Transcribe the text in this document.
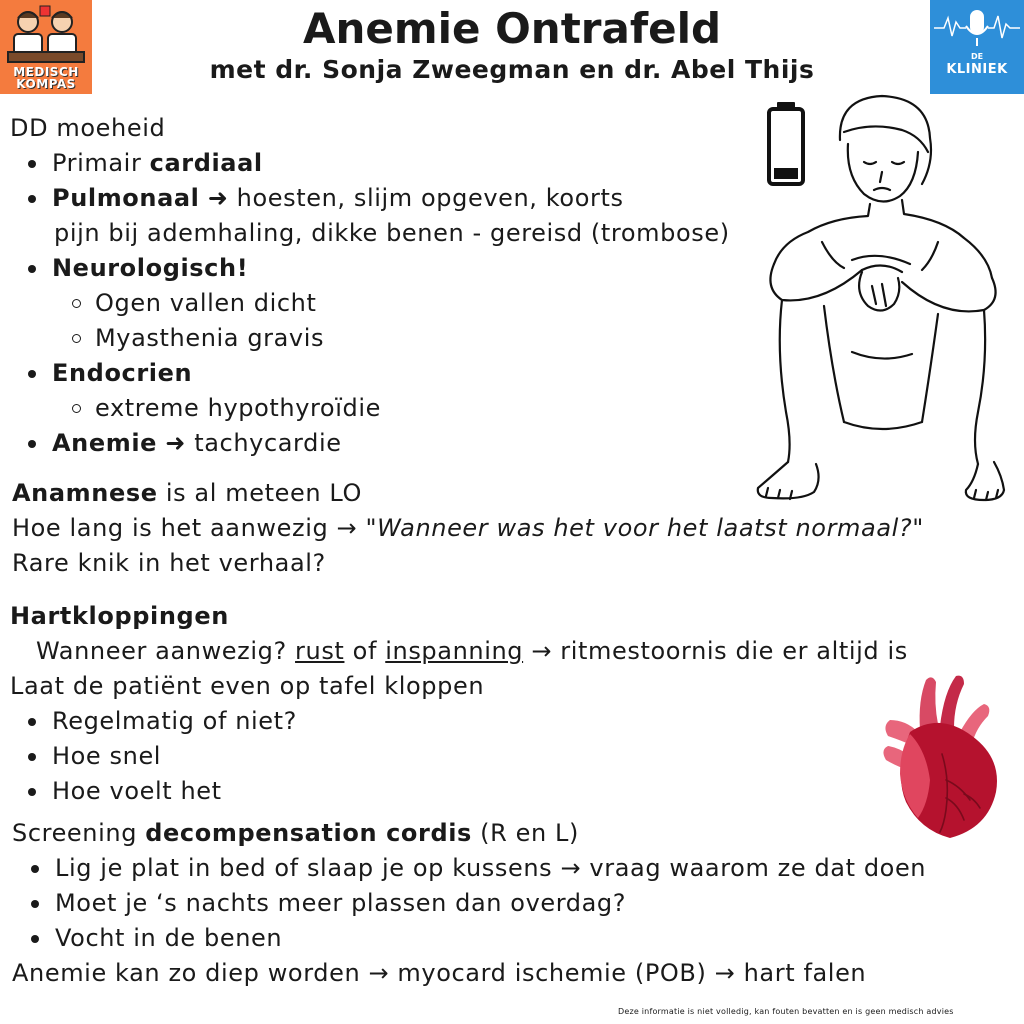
MEDISCH KOMPAS
Anemie Ontrafeld
met dr. Sonja Zweegman en dr. Abel Thijs	DE
KLINIEK
DD moeheid
Primair cardiaal
Pulmonaal ➜ hoesten, slijm opgeven, koorts
pijn bij ademhaling, dikke benen - gereisd (trombose)
Neurologisch!
Ogen vallen dicht
Myasthenia gravis
Endocrien
extreme hypothyroïdie
Anemie ➜ tachycardie
Anamnese is al meteen LO
Hoe lang is het aanwezig → "Wanneer was het voor het laatst normaal?"
Rare knik in het verhaal?
Hartkloppingen
Wanneer aanwezig? rust of inspanning → ritmestoornis die er altijd is
Laat de patiënt even op tafel kloppen
Regelmatig of niet?
Hoe snel
Hoe voelt het
Screening decompensation cordis (R en L)
Lig je plat in bed of slaap je op kussens → vraag waarom ze dat doen
Moet je ‘s nachts meer plassen dan overdag?
Vocht in de benen
Anemie kan zo diep worden → myocard ischemie (POB) → hart falen
Deze informatie is niet volledig, kan fouten bevatten en is geen medisch advies
